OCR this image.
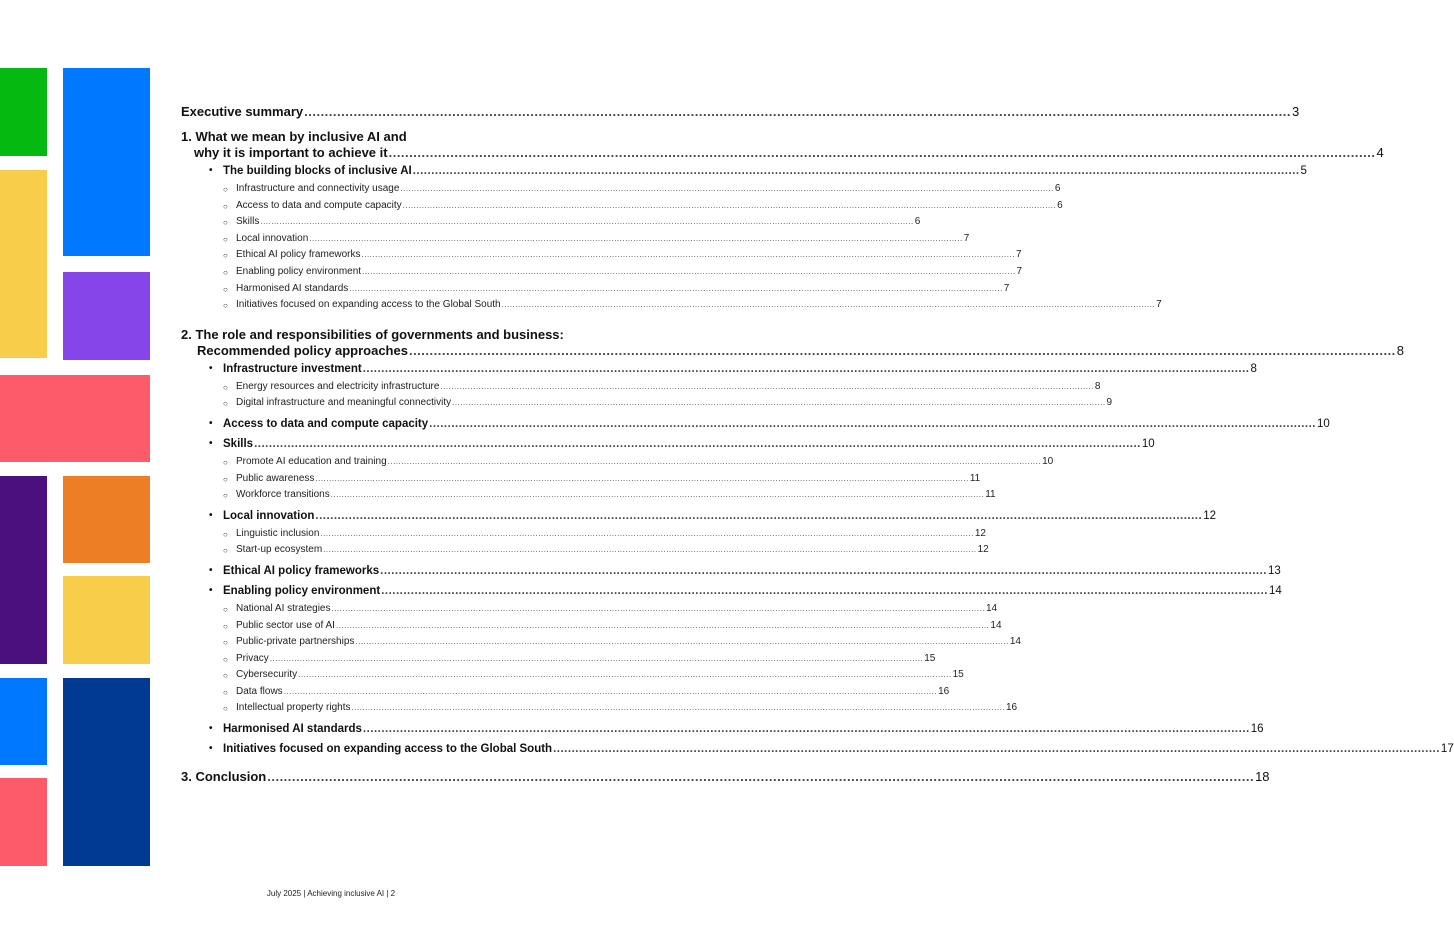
Executive summary .....	3
1. What we mean by inclusive AI and
why it is important to achieve it .....	4
• The building blocks of inclusive AI .....	5
○ Infrastructure and connectivity usage .....	6
○ Access to data and compute capacity .....	6
○ Skills .....	6
○ Local innovation .....	7
○ Ethical AI policy frameworks .....	7
○ Enabling policy environment .....	7
○ Harmonised AI standards .....	7
○ Initiatives focused on expanding access to the Global South .....	7
2. The role and responsibilities of governments and business:
Recommended policy approaches .....	8
• Infrastructure investment .....	8
○ Energy resources and electricity infrastructure .....	8
○ Digital infrastructure and meaningful connectivity .....	9
• Access to data and compute capacity .....	10
• Skills .....	10
○ Promote AI education and training .....	10
○ Public awareness .....	11
○ Workforce transitions .....	11
• Local innovation .....	12
○ Linguistic inclusion .....	12
○ Start-up ecosystem .....	12
• Ethical AI policy frameworks .....	13
• Enabling policy environment .....	14
○ National AI strategies .....	14
○ Public sector use of AI .....	14
○ Public-private partnerships .....	14
○ Privacy .....	15
○ Cybersecurity .....	15
○ Data flows .....	16
○ Intellectual property rights .....	16
• Harmonised AI standards .....	16
• Initiatives focused on expanding access to the Global South .....	17
3. Conclusion .....	18
July 2025 | Achieving inclusive AI | 2
